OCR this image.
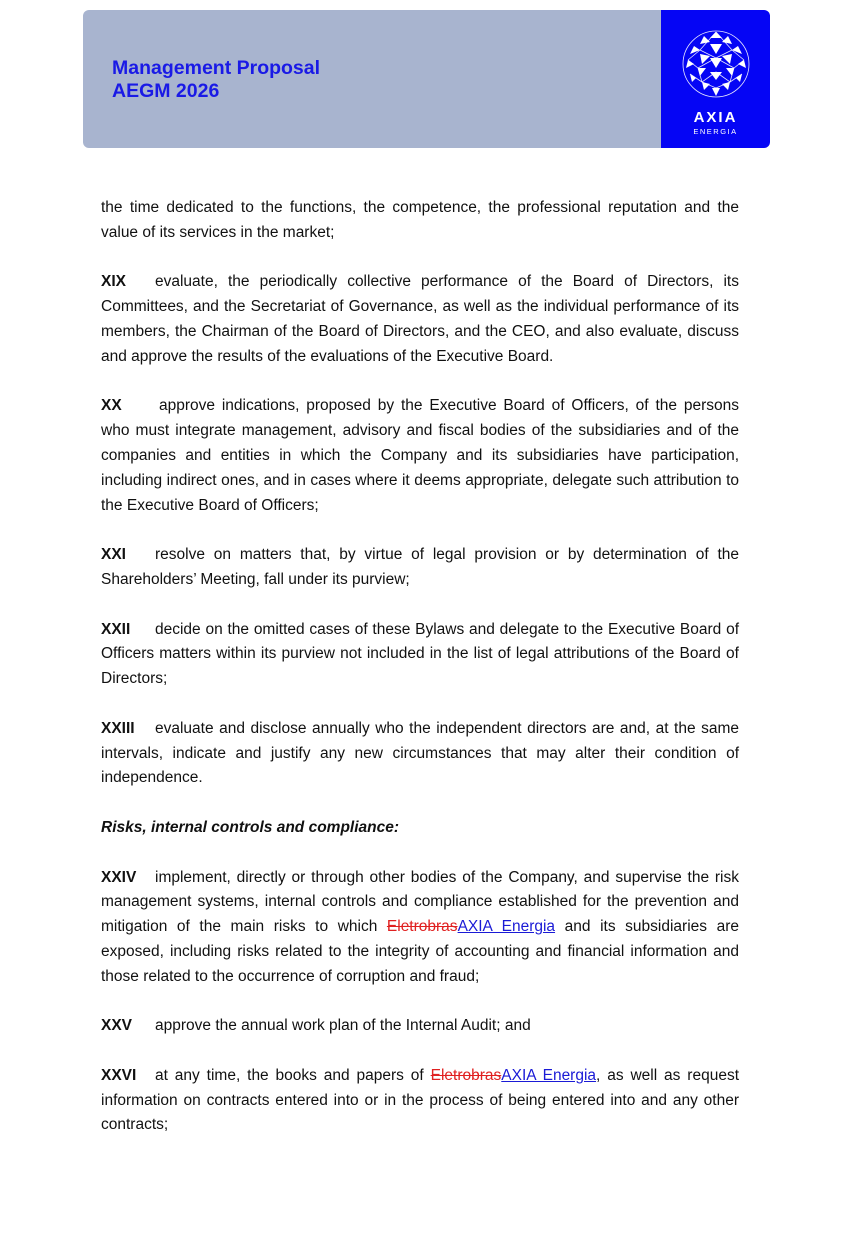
Management Proposal
AEGM 2026
AXIA
ENERGIA

the time dedicated to the functions, the competence, the professional reputation and the value of its services in the market;

XIX evaluate, the periodically collective performance of the Board of Directors, its Committees, and the Secretariat of Governance, as well as the individual performance of its members, the Chairman of the Board of Directors, and the CEO, and also evaluate, discuss and approve the results of the evaluations of the Executive Board.

XX approve indications, proposed by the Executive Board of Officers, of the persons who must integrate management, advisory and fiscal bodies of the subsidiaries and of the companies and entities in which the Company and its subsidiaries have participation, including indirect ones, and in cases where it deems appropriate, delegate such attribution to the Executive Board of Officers;

XXI resolve on matters that, by virtue of legal provision or by determination of the Shareholders’ Meeting, fall under its purview;

XXII decide on the omitted cases of these Bylaws and delegate to the Executive Board of Officers matters within its purview not included in the list of legal attributions of the Board of Directors;

XXIII evaluate and disclose annually who the independent directors are and, at the same intervals, indicate and justify any new circumstances that may alter their condition of independence.

Risks, internal controls and compliance:

XXIV implement, directly or through other bodies of the Company, and supervise the risk management systems, internal controls and compliance established for the prevention and mitigation of the main risks to which EletrobrasAXIA Energia and its subsidiaries are exposed, including risks related to the integrity of accounting and financial information and those related to the occurrence of corruption and fraud;

XXV approve the annual work plan of the Internal Audit; and

XXVI at any time, the books and papers of EletrobrasAXIA Energia, as well as request information on contracts entered into or in the process of being entered into and any other contracts;
